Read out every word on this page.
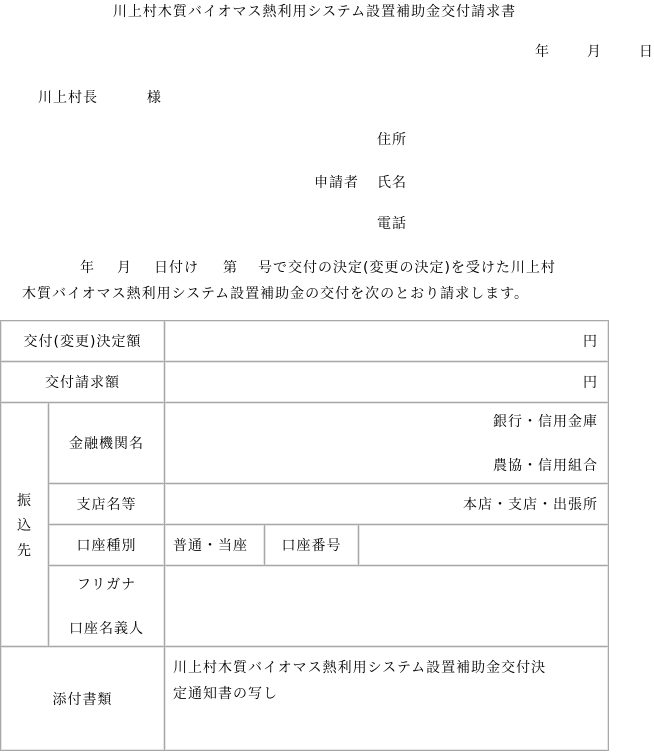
川上村木質バイオマス熱利用システム設置補助金交付請求書
年	月	日
川上村長	様
住所
申請者 氏名
電話
年 月 日付け 第 号で交付の決定(変更の決定)を受けた川上村
木質バイオマス熱利用システム設置補助金の交付を次のとおり請求します。
交付(変更)決定額		円		
交付請求額		円		

振
込
先	金融機関名	銀行・信用金庫
農協・信用組合		

	支店名等	本店・支店・出張所		
	口座種別	普通・当座	口座番号	

	フリガナ
口座名義人			

添付書類		川上村木質バイオマス熱利用システム設置補助金交付決
定通知書の写し		
